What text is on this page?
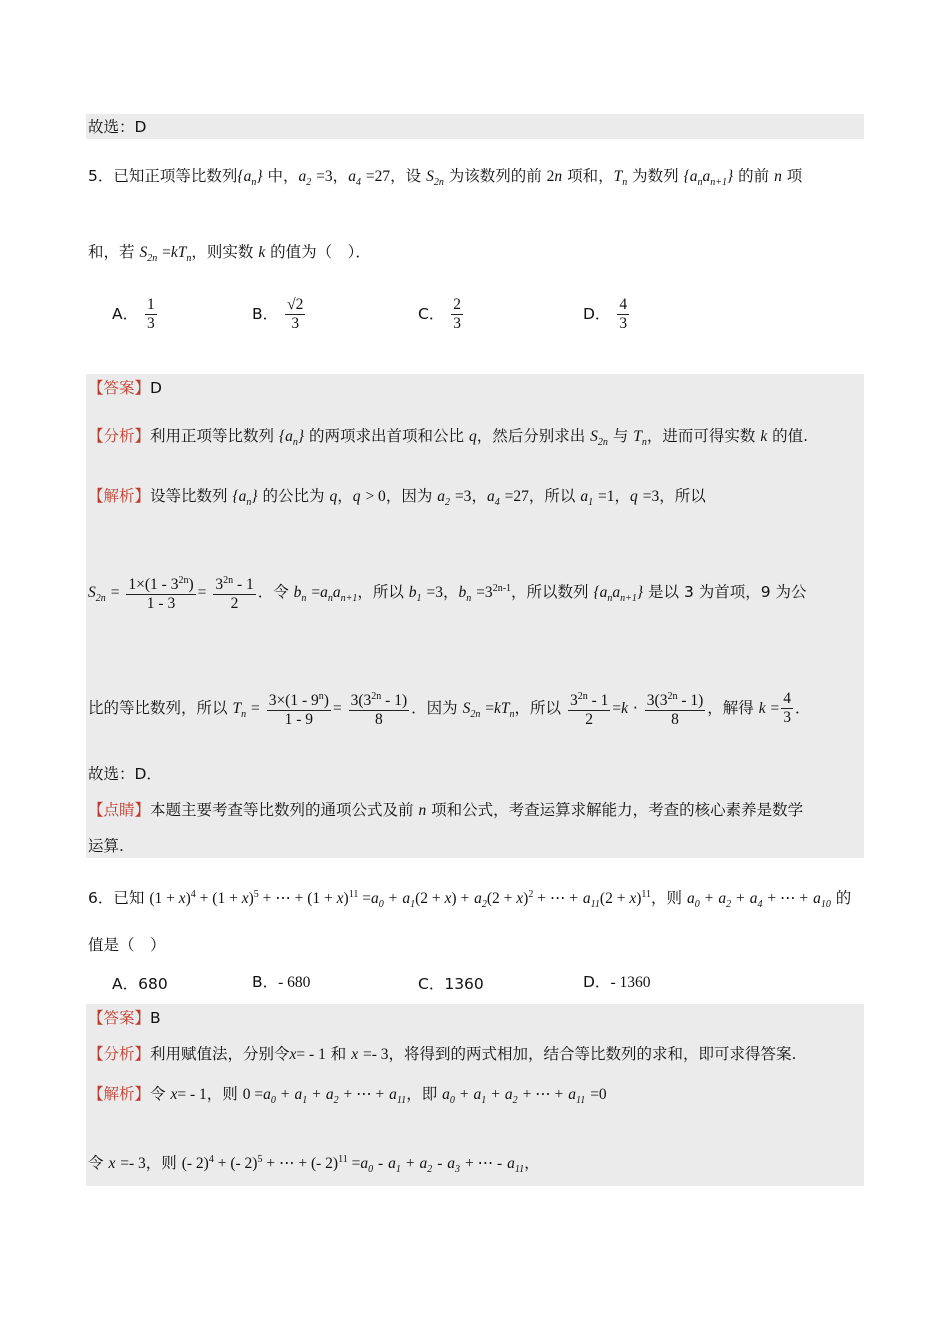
故选：D
5．已知正项等比数列$\{a_n\}$ 中，$a_2 =3$，$a_4 =27$，设 $S_{2n}$ 为该数列的前 2n 项和，$T_n$ 为数列 $\{a_na_{n+1}\}$ 的前 n 项
和，若 $S_{2n} =kT_n$，则实数 k 的值为（　）．
A． $\frac{1}{3}$	B． $\frac{√2}{3}$	C． $\frac{2}{3}$	D． $\frac{4}{3}$
【答案】D
【分析】利用正项等比数列 $\{a_n\}$ 的两项求出首项和公比 q，然后分别求出 $S_{2n}$ 与 $T_n$，进而可得实数 k 的值.
【解析】设等比数列 $\{a_n\}$ 的公比为 q，q > 0，因为 $a_2 =3$，$a_4 =27$，所以 $a_1 =1$，q =3，所以
$S_{2n} = \frac{1\times(1 - 3^{2n})}{1 - 3} = \frac{3^{2n} - 1}{2}$ ．令 $b_n =a_na_{n+1}$，所以 $b_1 =3$，$b_n =3^{2n-1}$，所以数列 $\{a_na_{n+1}\}$ 是以 3 为首项，9 为公
比的等比数列，所以 $T_n = \frac{3\times(1 - 9^n)}{1 - 9} = \frac{3(3^{2n} - 1)}{8}$ ．因为 $S_{2n} =kT_n$，所以 $\frac{3^{2n} - 1}{2} =k \cdot \frac{3(3^{2n} - 1)}{8}$ ，解得 $k = \frac{4}{3}$ ．
故选：D．
【点睛】本题主要考查等比数列的通项公式及前 n 项和公式，考查运算求解能力，考查的核心素养是数学
运算.
6．已知 $(1 + x)^4 + (1 + x)^5$ + ⋯ + $(1 + x)^{11} =a_0 + a_1(2 + x) + a_2(2 + x)^2$ + ⋯ + $a_{11}(2 + x)^{11}$，则 $a_0 + a_2 + a_4$ + ⋯ + $a_{10}$ 的
值是（　）
A．680	B．- 680	C．1360	D．- 1360
【答案】B
【分析】利用赋值法，分别令x= - 1 和 x =- 3，将得到的两式相加，结合等比数列的求和，即可求得答案.
【解析】令 x= - 1，则 $0 =a_0 + a_1 + a_2$ + ⋯ + $a_{11}$，即 $a_0 + a_1 + a_2$ + ⋯ + $a_{11} =0$
令 x =- 3，则 (- 2)$^4$ + (- 2)$^5$ + ⋯ + (- $2)^{11} =a_0 - a_1 + a_2 - a_3$ + ⋯ - $a_{11}$，
